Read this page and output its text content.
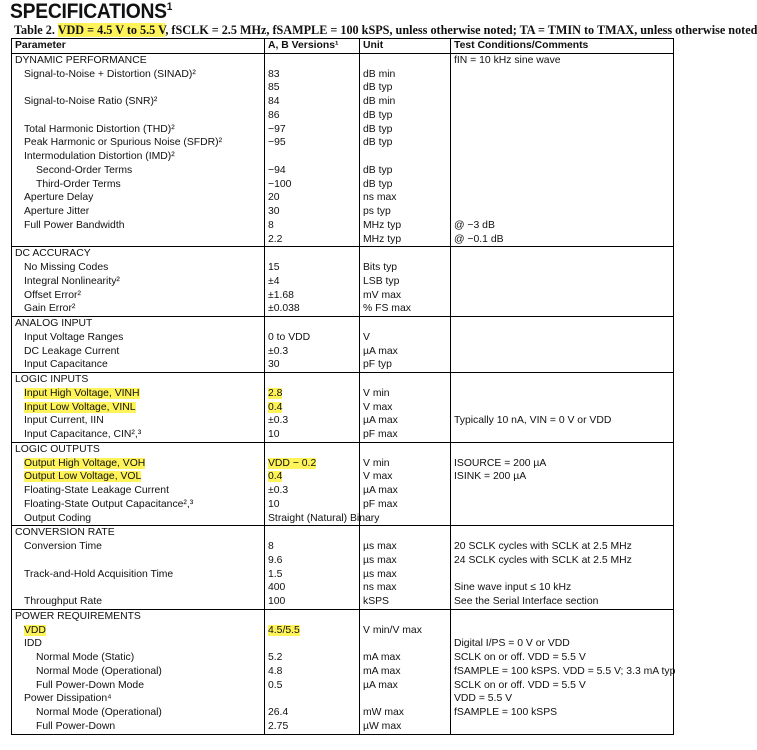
SPECIFICATIONS$^1$
Table 2. VDD = 4.5 V to 5.5 V, fSCLK = 2.5 MHz, fSAMPLE = 100 kSPS, unless otherwise noted; TA = TMIN to TMAX, unless otherwise noted
Parameter	A, B Versions¹	Unit	Test Conditions/Comments
DYNAMIC PERFORMANCE			fIN = 10 kHz sine wave
Signal-to-Noise + Distortion (SINAD)²	83	dB min	
	85	dB typ	
Signal-to-Noise Ratio (SNR)²	84	dB min	
	86	dB typ	
Total Harmonic Distortion (THD)²	−97	dB typ	
Peak Harmonic or Spurious Noise (SFDR)²	−95	dB typ	
Intermodulation Distortion (IMD)²			
Second-Order Terms	−94	dB typ	
Third-Order Terms	−100	dB typ	
Aperture Delay	20	ns max	
Aperture Jitter	30	ps typ	
Full Power Bandwidth	8	MHz typ	@ −3 dB
	2.2	MHz typ	@ −0.1 dB
DC ACCURACY			
No Missing Codes	15	Bits typ	
Integral Nonlinearity²	±4	LSB typ	
Offset Error²	±1.68	mV max	
Gain Error²	±0.038	% FS max	
ANALOG INPUT			
Input Voltage Ranges	0 to VDD	V	
DC Leakage Current	±0.3	µA max	
Input Capacitance	30	pF typ	
LOGIC INPUTS			
Input High Voltage, VINH	2.8	V min	
Input Low Voltage, VINL	0.4	V max	
Input Current, IIN	±0.3	µA max	Typically 10 nA, VIN = 0 V or VDD
Input Capacitance, CIN²,³	10	pF max	
LOGIC OUTPUTS			
Output High Voltage, VOH	VDD − 0.2	V min	ISOURCE = 200 µA
Output Low Voltage, VOL	0.4	V max	ISINK = 200 µA
Floating-State Leakage Current	±0.3	µA max	
Floating-State Output Capacitance²,³	10	pF max	
Output Coding	Straight (Natural) Binary		
CONVERSION RATE			
Conversion Time	8	µs max	20 SCLK cycles with SCLK at 2.5 MHz
	9.6	µs max	24 SCLK cycles with SCLK at 2.5 MHz
Track-and-Hold Acquisition Time	1.5	µs max	
	400	ns max	Sine wave input ≤ 10 kHz
Throughput Rate	100	kSPS	See the Serial Interface section
POWER REQUIREMENTS			
VDD	4.5/5.5	V min/V max	
IDD			Digital I/PS = 0 V or VDD
Normal Mode (Static)	5.2	mA max	SCLK on or off. VDD = 5.5 V
Normal Mode (Operational)	4.8	mA max	fSAMPLE = 100 kSPS. VDD = 5.5 V; 3.3 mA typ
Full Power-Down Mode	0.5	µA max	SCLK on or off. VDD = 5.5 V
Power Dissipation⁴			VDD = 5.5 V
Normal Mode (Operational)	26.4	mW max	fSAMPLE = 100 kSPS
Full Power-Down	2.75	µW max	
